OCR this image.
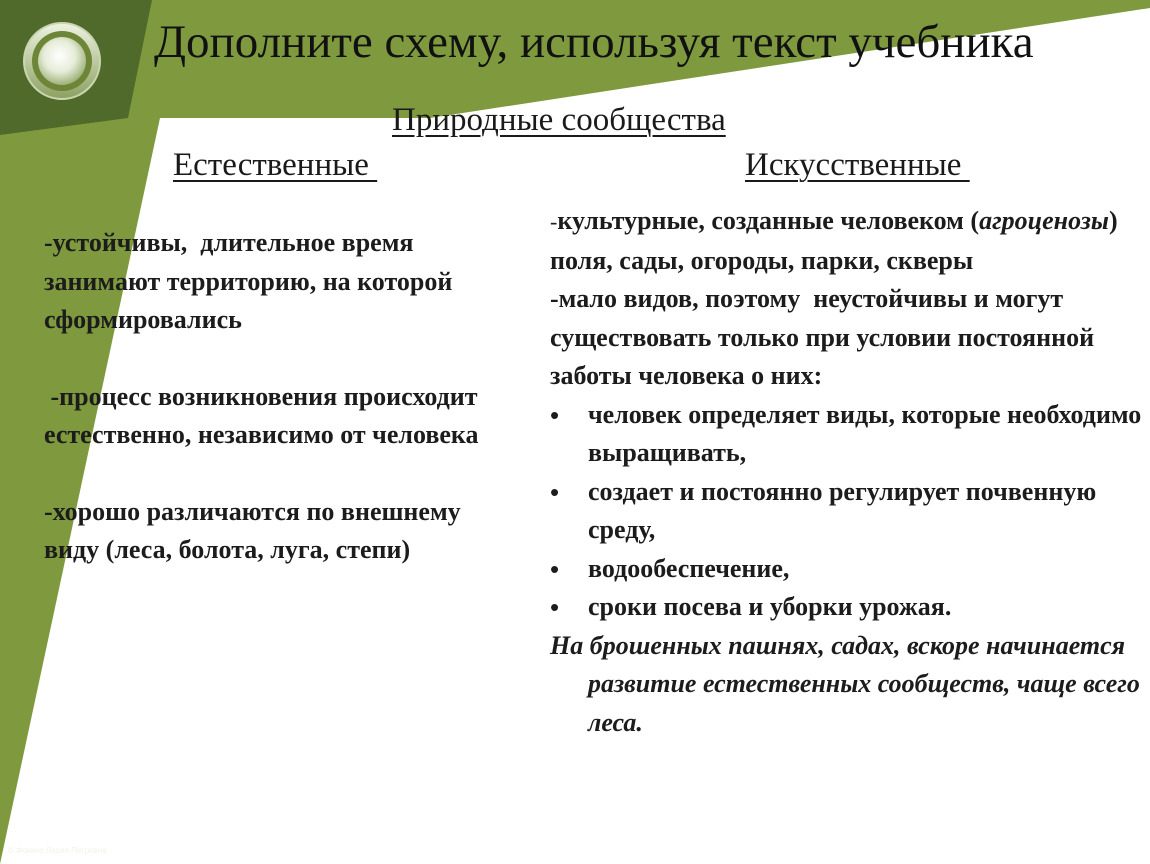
Дополните схему, используя текст учебника
Природные сообщества
Естественные	Искусственные

-устойчивы,  длительное время занимают территорию, на которой сформировались

-процесс возникновения происходит естественно, независимо от человека

-хорошо различаются по внешнему виду (леса, болота, луга, степи)

-культурные, созданные человеком (агроценозы) поля, сады, огороды, парки, скверы

-мало видов, поэтому  неустойчивы и могут существовать только при условии постоянной заботы человека о них:

•	человек определяет виды, которые необходимо выращивать,

•	создает и постоянно регулирует почвенную среду,

•	водообеспечение,

•	сроки посева и уборки урожая.

На брошенных пашнях, садах, вскоре начинается развитие естественных сообществ, чаще всего леса.

© Фокина Лидия Петровна
